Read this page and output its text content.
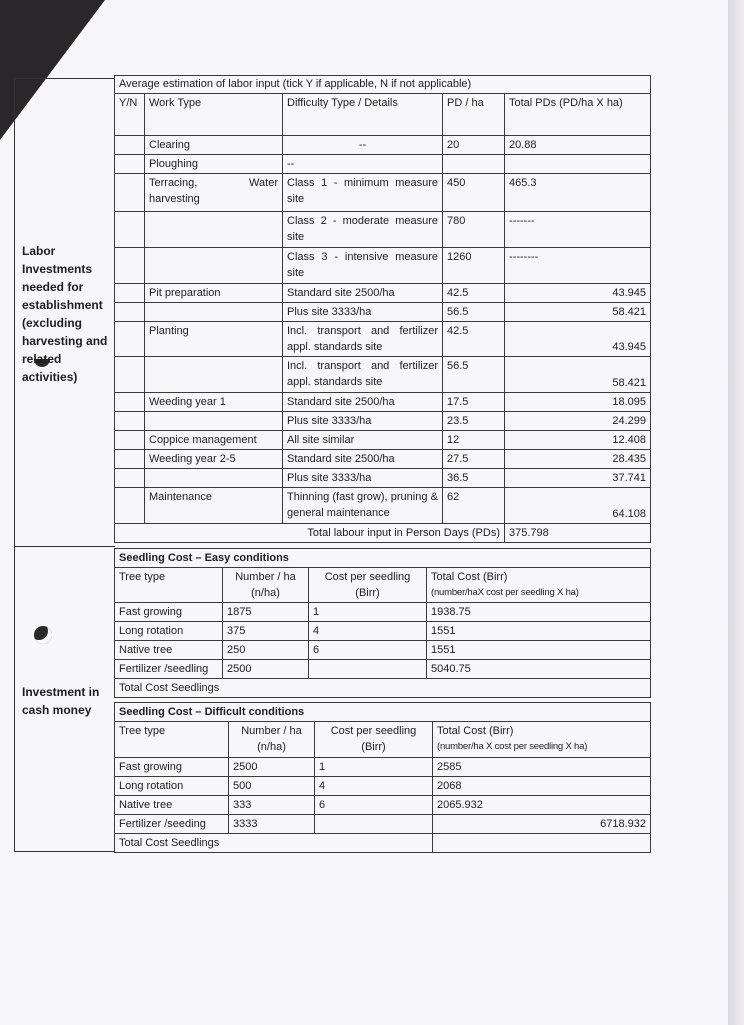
Labor Investments needed for establishment (excluding harvesting and related activities)
Investment in cash money
Average estimation of labor input (tick Y if applicable, N if not applicable)				
Y/N	Work Type	Difficulty Type / Details	PD / ha	Total PDs (PD/ha X ha)
	Clearing	--	20	20.88
	Ploughing	--		
	Terracing, Water harvesting	Class 1 - minimum measure site	450	465.3
		Class 2 - moderate measure site	780	-------
		Class 3 - intensive measure site	1260	--------
	Pit preparation	Standard site 2500/ha	42.5	43.945
		Plus site 3333/ha	56.5	58.421
	Planting	Incl. transport and fertilizer appl. standards site	42.5	43.945
		Incl. transport and fertilizer appl. standards site	56.5	58.421
	Weeding year 1	Standard site 2500/ha	17.5	18.095
		Plus site 3333/ha	23.5	24.299
	Coppice management	All site similar	12	12.408
	Weeding year 2-5	Standard site 2500/ha	27.5	28.435
		Plus site 3333/ha	36.5	37.741
	Maintenance	Thinning (fast grow), pruning & general maintenance	62	64.108
Total labour input in Person Days (PDs)				375.798
Seedling Cost – Easy conditions			
Tree type	Number / ha (n/ha)	Cost per seedling (Birr)	Total Cost (Birr)
(number/haX cost per seedling X ha)

Fast growing	1875	1	1938.75
Long rotation	375	4	1551
Native tree	250	6	1551
Fertilizer /seedling	2500		5040.75
Total Cost Seedlings			
Seedling Cost – Difficult conditions			
Tree type	Number / ha (n/ha)	Cost per seedling (Birr)	Total Cost (Birr)
(number/ha X cost per seedling X ha)

Fast growing	2500	1	2585
Long rotation	500	4	2068
Native tree	333	6	2065.932
Fertilizer /seeding	3333		6718.932
Total Cost Seedlings			
